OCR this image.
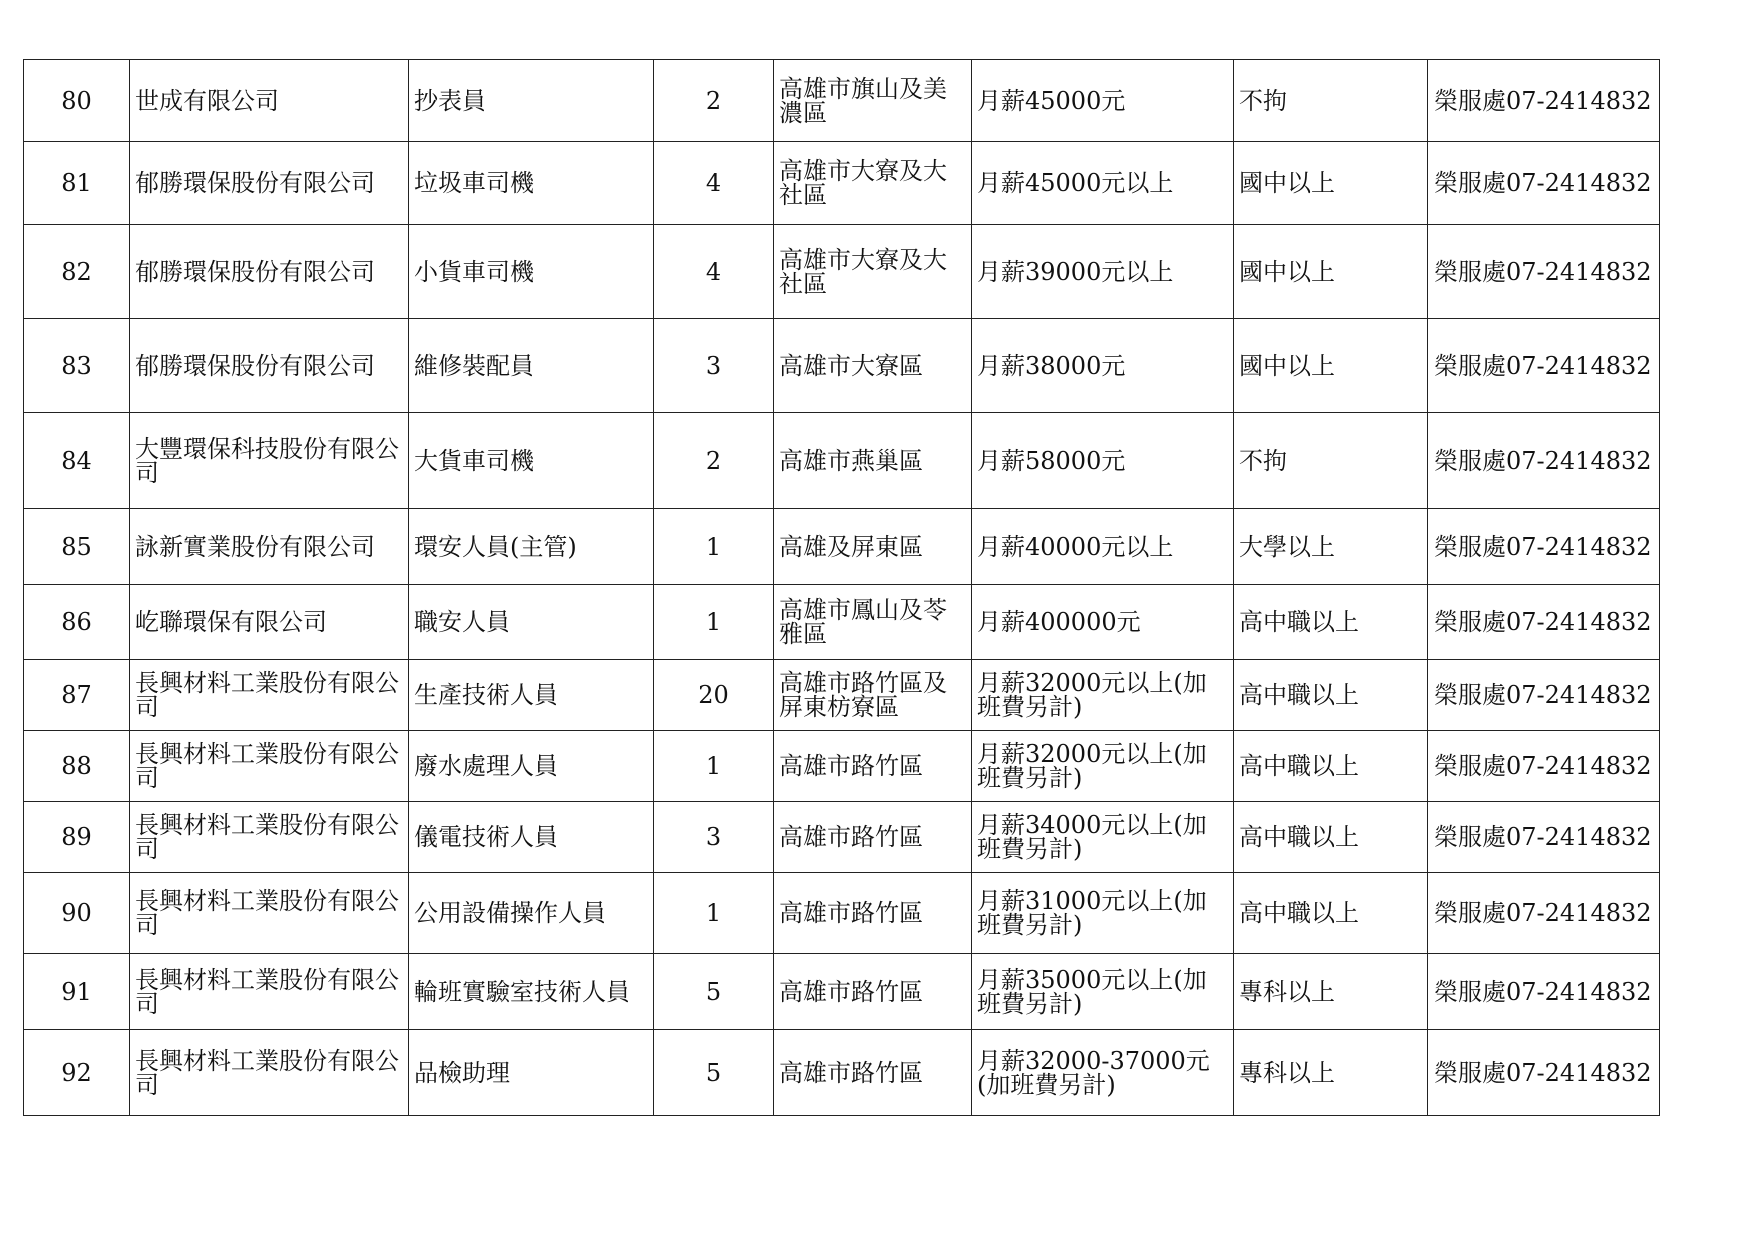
80	世成有限公司	抄表員	2	高雄市旗山及美濃區	月薪45000元	不拘	榮服處07-2414832
81	郁勝環保股份有限公司	垃圾車司機	4	高雄市大寮及大社區	月薪45000元以上	國中以上	榮服處07-2414832
82	郁勝環保股份有限公司	小貨車司機	4	高雄市大寮及大社區	月薪39000元以上	國中以上	榮服處07-2414832
83	郁勝環保股份有限公司	維修裝配員	3	高雄市大寮區	月薪38000元	國中以上	榮服處07-2414832
84	大豐環保科技股份有限公司	大貨車司機	2	高雄市燕巢區	月薪58000元	不拘	榮服處07-2414832
85	詠新實業股份有限公司	環安人員(主管)	1	高雄及屏東區	月薪40000元以上	大學以上	榮服處07-2414832
86	屹聯環保有限公司	職安人員	1	高雄市鳳山及苓雅區	月薪400000元	高中職以上	榮服處07-2414832
87	長興材料工業股份有限公司	生產技術人員	20	高雄市路竹區及屏東枋寮區	月薪32000元以上(加班費另計)	高中職以上	榮服處07-2414832
88	長興材料工業股份有限公司	廢水處理人員	1	高雄市路竹區	月薪32000元以上(加班費另計)	高中職以上	榮服處07-2414832
89	長興材料工業股份有限公司	儀電技術人員	3	高雄市路竹區	月薪34000元以上(加班費另計)	高中職以上	榮服處07-2414832
90	長興材料工業股份有限公司	公用設備操作人員	1	高雄市路竹區	月薪31000元以上(加班費另計)	高中職以上	榮服處07-2414832
91	長興材料工業股份有限公司	輪班實驗室技術人員	5	高雄市路竹區	月薪35000元以上(加班費另計)	專科以上	榮服處07-2414832
92	長興材料工業股份有限公司	品檢助理	5	高雄市路竹區	月薪32000-37000元(加班費另計)	專科以上	榮服處07-2414832
